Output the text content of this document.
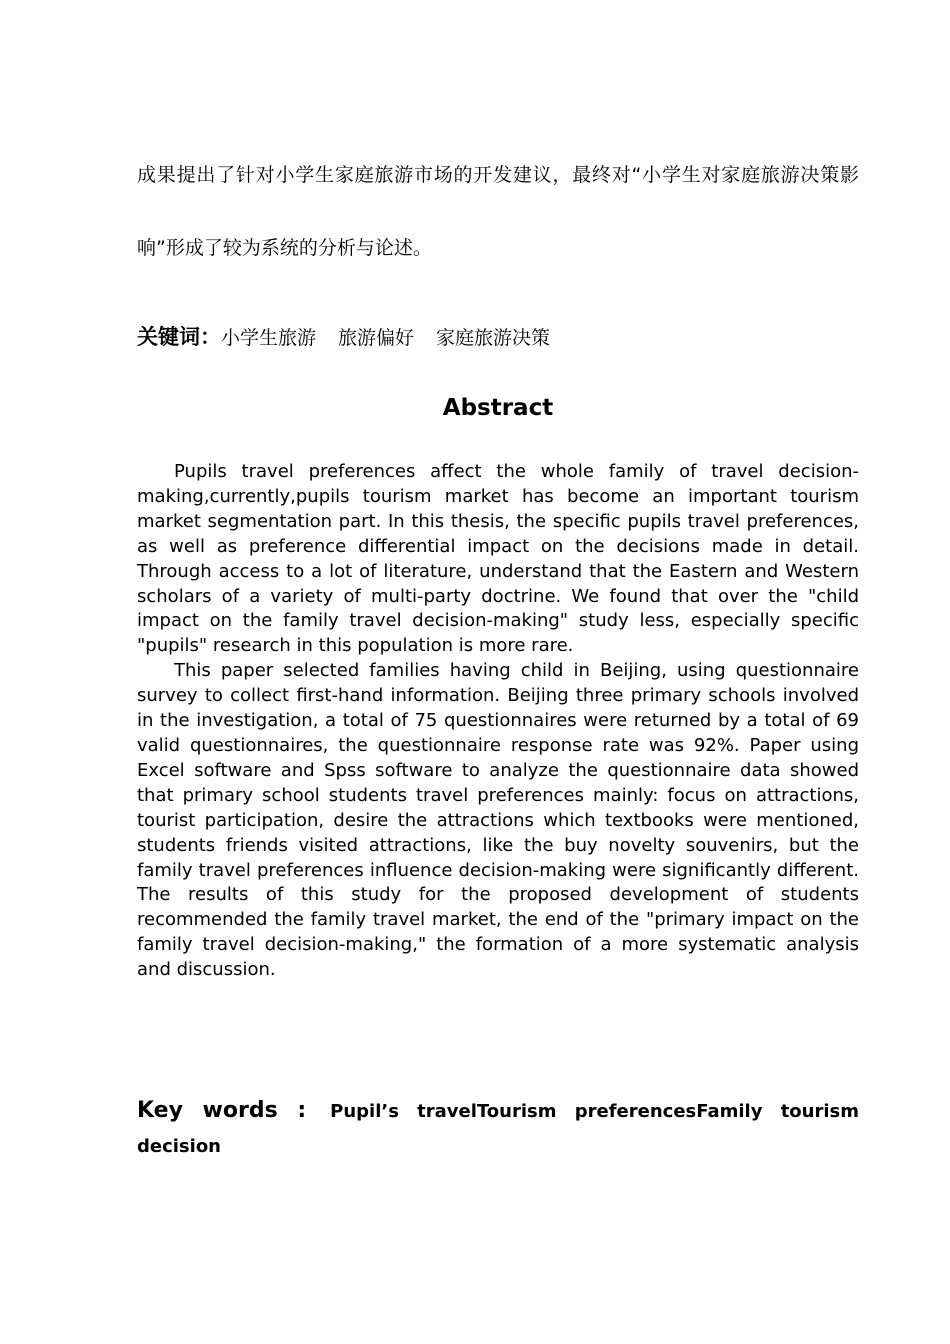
成果提出了针对小学生家庭旅游市场的开发建议，最终对“小学生对家庭旅游决策影
响”形成了较为系统的分析与论述。
关键词：小学生旅游 旅游偏好 家庭旅游决策
Abstract

Pupils travel preferences affect the whole family of travel decision-making,currently,pupils tourism market has become an important tourism market segmentation part. In this thesis, the specific pupils travel preferences, as well as preference differential impact on the decisions made in detail. Through access to a lot of literature, understand that the Eastern and Western scholars of a variety of multi-party doctrine. We found that over the "child impact on the family travel decision-making" study less, especially specific "pupils" research in this population is more rare.

This paper selected families having child in Beijing, using questionnaire survey to collect first-hand information. Beijing three primary schools involved in the investigation, a total of 75 questionnaires were returned by a total of 69 valid questionnaires, the questionnaire response rate was 92%. Paper using Excel software and Spss software to analyze the questionnaire data showed that primary school students travel preferences mainly: focus on attractions, tourist participation, desire the attractions which textbooks were mentioned, students friends visited attractions, like the buy novelty souvenirs, but the family travel preferences influence decision-making were significantly different. The results of this study for the proposed development of students recommended the family travel market, the end of the "primary impact on the family travel decision-making," the formation of a more systematic analysis and discussion.

Key words : Pupil’s travelTourism preferencesFamily tourism decision
